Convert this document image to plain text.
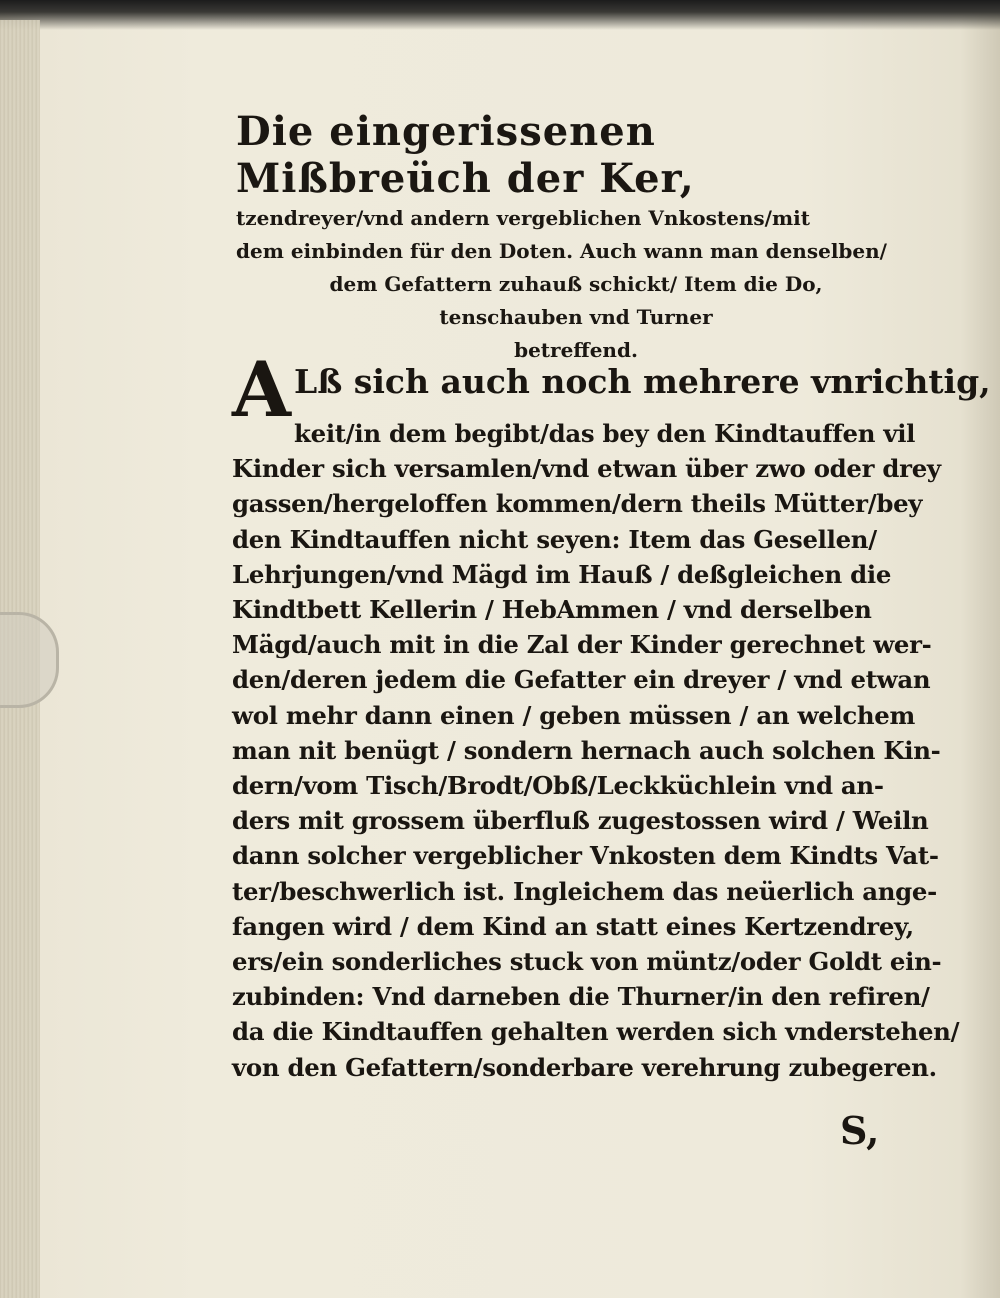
Die eingerissenen Mißbreüch der Ker,
tzendreyer/vnd andern vergeblichen Vnkostens/mit
dem einbinden für den Doten. Auch wann man denselben/
dem Gefattern zuhauß schickt/ Item die Do,
tenschauben vnd Turner
betreffend.
A Lß sich auch noch mehrere vnrichtig,
keit/in dem begibt/das bey den Kindtauffen vil
Kinder sich versamlen/vnd etwan über zwo oder drey
gassen/hergeloffen kommen/dern theils Mütter/bey
den Kindtauffen nicht seyen: Item das Gesellen/
Lehrjungen/vnd Mägd im Hauß / deßgleichen die
Kindtbett Kellerin / HebAmmen / vnd derselben
Mägd/auch mit in die Zal der Kinder gerechnet wer-
den/deren jedem die Gefatter ein dreyer / vnd etwan
wol mehr dann einen / geben müssen / an welchem
man nit benügt / sondern hernach auch solchen Kin-
dern/vom Tisch/Brodt/Obß/Leckküchlein vnd an-
ders mit grossem überfluß zugestossen wird / Weiln
dann solcher vergeblicher Vnkosten dem Kindts Vat-
ter/beschwerlich ist. Ingleichem das neüerlich ange-
fangen wird / dem Kind an statt eines Kertzendrey,
ers/ein sonderliches stuck von müntz/oder Goldt ein-
zubinden: Vnd darneben die Thurner/in den refiren/
da die Kindtauffen gehalten werden sich vnderstehen/
von den Gefattern/sonderbare verehrung zubegeren.
S,
